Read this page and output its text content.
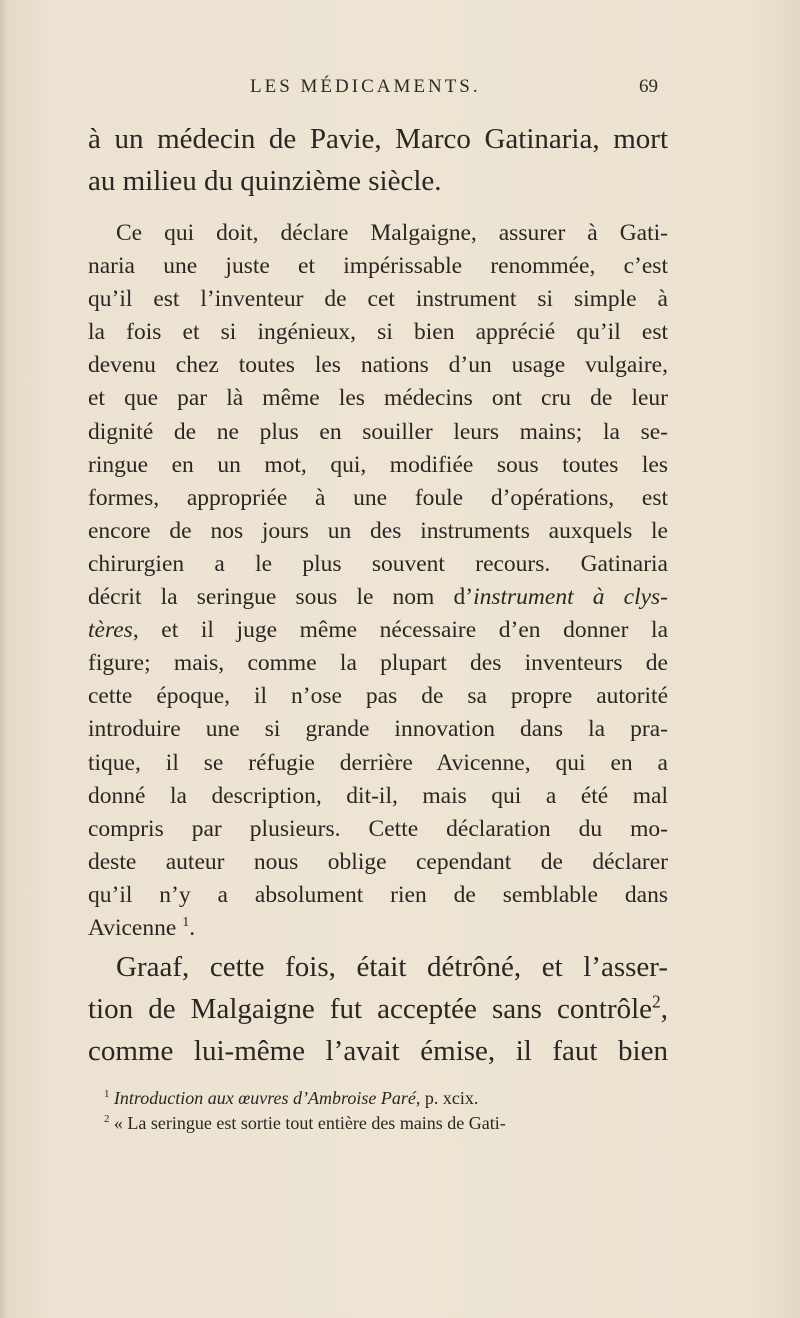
LES MÉDICAMENTS.	69
à un médecin de Pavie, Marco Gatinaria, mort
au milieu du quinzième siècle.
Ce qui doit, déclare Malgaigne, assurer à Gati-
naria une juste et impérissable renommée, c’est
qu’il est l’inventeur de cet instrument si simple à
la fois et si ingénieux, si bien apprécié qu’il est
devenu chez toutes les nations d’un usage vulgaire,
et que par là même les médecins ont cru de leur
dignité de ne plus en souiller leurs mains; la se-
ringue en un mot, qui, modifiée sous toutes les
formes, appropriée à une foule d’opérations, est
encore de nos jours un des instruments auxquels le
chirurgien a le plus souvent recours. Gatinaria
décrit la seringue sous le nom d’instrument à clys-
tères, et il juge même nécessaire d’en donner la
figure; mais, comme la plupart des inventeurs de
cette époque, il n’ose pas de sa propre autorité
introduire une si grande innovation dans la pra-
tique, il se réfugie derrière Avicenne, qui en a
donné la description, dit-il, mais qui a été mal
compris par plusieurs. Cette déclaration du mo-
deste auteur nous oblige cependant de déclarer
qu’il n’y a absolument rien de semblable dans
Avicenne $^1$.
Graaf, cette fois, était détrôné, et l’asser-
tion de Malgaigne fut acceptée sans contrôle$^2$,
comme lui-même l’avait émise, il faut bien
$^1$ Introduction aux œuvres d’Ambroise Paré, p. xcix.
$^2$ « La seringue est sortie tout entière des mains de Gati-
